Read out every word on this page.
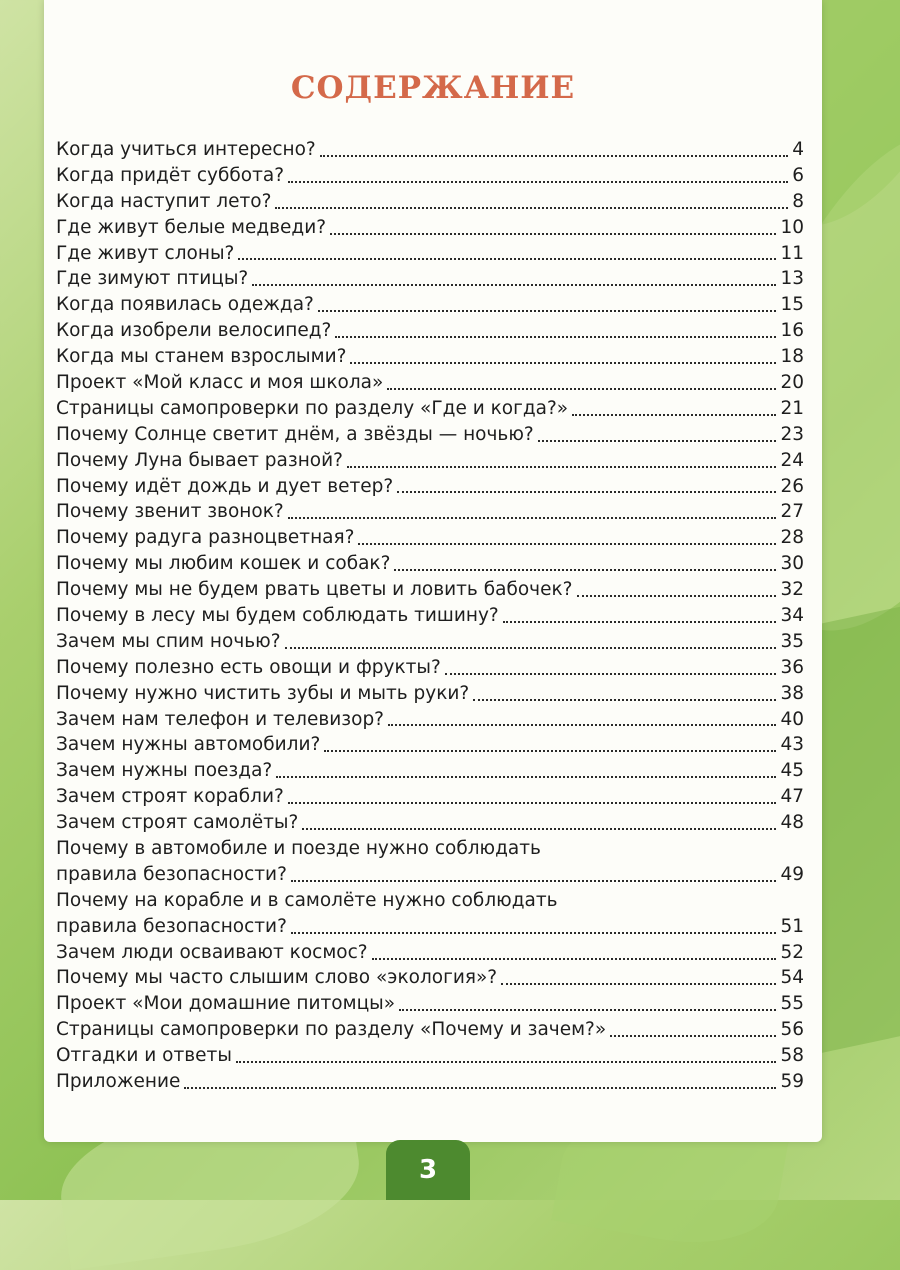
СОДЕРЖАНИЕ
Когда учиться интересно?	4
Когда придёт суббота?	6
Когда наступит лето?	8
Где живут белые медведи?	10
Где живут слоны?	11
Где зимуют птицы?	13
Когда появилась одежда?	15
Когда изобрели велосипед?	16
Когда мы станем взрослыми?	18
Проект «Мой класс и моя школа»	20
Страницы самопроверки по разделу «Где и когда?»	21
Почему Солнце светит днём, а звёзды — ночью?	23
Почему Луна бывает разной?	24
Почему идёт дождь и дует ветер?	26
Почему звенит звонок?	27
Почему радуга разноцветная?	28
Почему мы любим кошек и собак?	30
Почему мы не будем рвать цветы и ловить бабочек?	32
Почему в лесу мы будем соблюдать тишину?	34
Зачем мы спим ночью?	35
Почему полезно есть овощи и фрукты?	36
Почему нужно чистить зубы и мыть руки?	38
Зачем нам телефон и телевизор?	40
Зачем нужны автомобили?	43
Зачем нужны поезда?	45
Зачем строят корабли?	47
Зачем строят самолёты?	48
Почему в автомобиле и поезде нужно соблюдать
правила безопасности?	49
Почему на корабле и в самолёте нужно соблюдать
правила безопасности?	51
Зачем люди осваивают космос?	52
Почему мы часто слышим слово «экология»?	54
Проект «Мои домашние питомцы»	55
Страницы самопроверки по разделу «Почему и зачем?»	56
Отгадки и ответы	58
Приложение	59
3
